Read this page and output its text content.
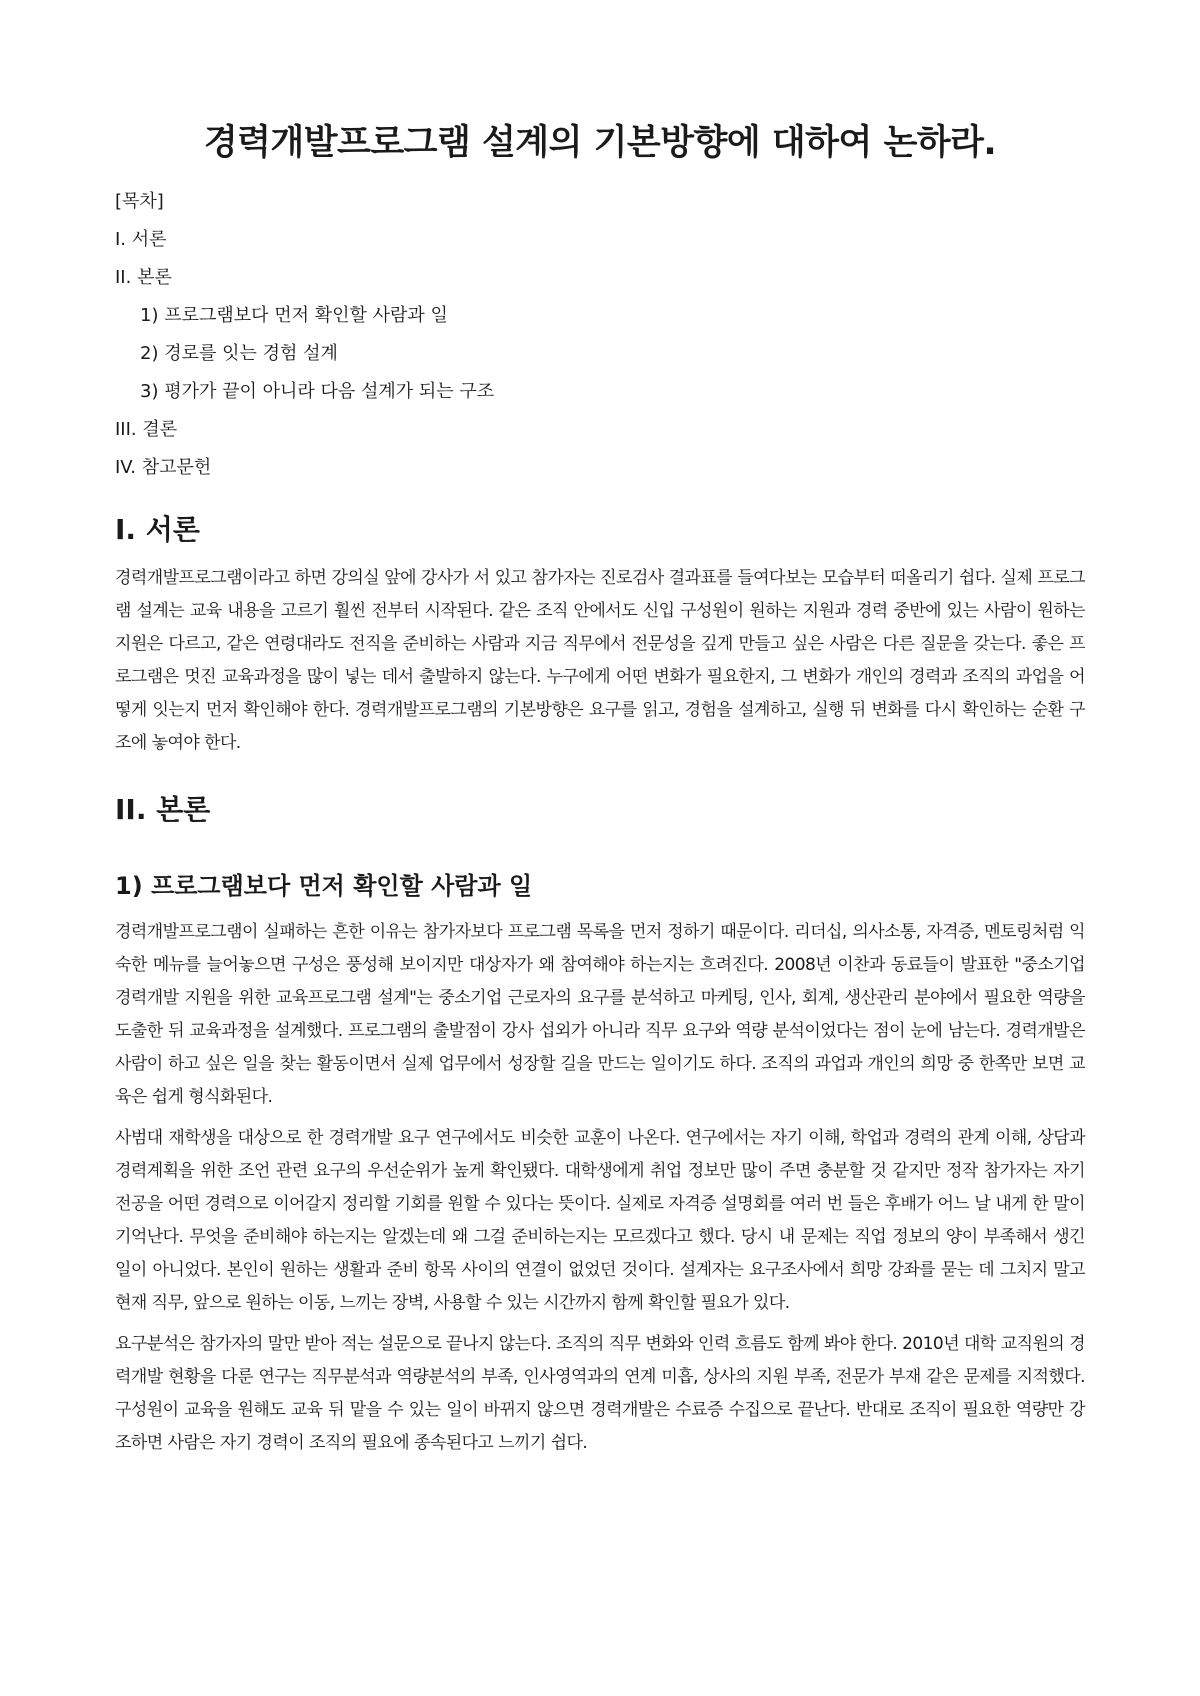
경력개발프로그램 설계의 기본방향에 대하여 논하라.
[목차]
I. 서론
II. 본론
1) 프로그램보다 먼저 확인할 사람과 일
2) 경로를 잇는 경험 설계
3) 평가가 끝이 아니라 다음 설계가 되는 구조
III. 결론
IV. 참고문헌
I. 서론

경력개발프로그램이라고 하면 강의실 앞에 강사가 서 있고 참가자는 진로검사 결과표를 들여다보는 모습부터 떠올리기 쉽다. 실제 프로그램 설계는 교육 내용을 고르기 훨씬 전부터 시작된다. 같은 조직 안에서도 신입 구성원이 원하는 지원과 경력 중반에 있는 사람이 원하는 지원은 다르고, 같은 연령대라도 전직을 준비하는 사람과 지금 직무에서 전문성을 깊게 만들고 싶은 사람은 다른 질문을 갖는다. 좋은 프로그램은 멋진 교육과정을 많이 넣는 데서 출발하지 않는다. 누구에게 어떤 변화가 필요한지, 그 변화가 개인의 경력과 조직의 과업을 어떻게 잇는지 먼저 확인해야 한다. 경력개발프로그램의 기본방향은 요구를 읽고, 경험을 설계하고, 실행 뒤 변화를 다시 확인하는 순환 구조에 놓여야 한다.

II. 본론
1) 프로그램보다 먼저 확인할 사람과 일

경력개발프로그램이 실패하는 흔한 이유는 참가자보다 프로그램 목록을 먼저 정하기 때문이다. 리더십, 의사소통, 자격증, 멘토링처럼 익숙한 메뉴를 늘어놓으면 구성은 풍성해 보이지만 대상자가 왜 참여해야 하는지는 흐려진다. 2008년 이찬과 동료들이 발표한 "중소기업 경력개발 지원을 위한 교육프로그램 설계"는 중소기업 근로자의 요구를 분석하고 마케팅, 인사, 회계, 생산관리 분야에서 필요한 역량을 도출한 뒤 교육과정을 설계했다. 프로그램의 출발점이 강사 섭외가 아니라 직무 요구와 역량 분석이었다는 점이 눈에 남는다. 경력개발은 사람이 하고 싶은 일을 찾는 활동이면서 실제 업무에서 성장할 길을 만드는 일이기도 하다. 조직의 과업과 개인의 희망 중 한쪽만 보면 교육은 쉽게 형식화된다.

사범대 재학생을 대상으로 한 경력개발 요구 연구에서도 비슷한 교훈이 나온다. 연구에서는 자기 이해, 학업과 경력의 관계 이해, 상담과 경력계획을 위한 조언 관련 요구의 우선순위가 높게 확인됐다. 대학생에게 취업 정보만 많이 주면 충분할 것 같지만 정작 참가자는 자기 전공을 어떤 경력으로 이어갈지 정리할 기회를 원할 수 있다는 뜻이다. 실제로 자격증 설명회를 여러 번 들은 후배가 어느 날 내게 한 말이 기억난다. 무엇을 준비해야 하는지는 알겠는데 왜 그걸 준비하는지는 모르겠다고 했다. 당시 내 문제는 직업 정보의 양이 부족해서 생긴 일이 아니었다. 본인이 원하는 생활과 준비 항목 사이의 연결이 없었던 것이다. 설계자는 요구조사에서 희망 강좌를 묻는 데 그치지 말고 현재 직무, 앞으로 원하는 이동, 느끼는 장벽, 사용할 수 있는 시간까지 함께 확인할 필요가 있다.

요구분석은 참가자의 말만 받아 적는 설문으로 끝나지 않는다. 조직의 직무 변화와 인력 흐름도 함께 봐야 한다. 2010년 대학 교직원의 경력개발 현황을 다룬 연구는 직무분석과 역량분석의 부족, 인사영역과의 연계 미흡, 상사의 지원 부족, 전문가 부재 같은 문제를 지적했다. 구성원이 교육을 원해도 교육 뒤 맡을 수 있는 일이 바뀌지 않으면 경력개발은 수료증 수집으로 끝난다. 반대로 조직이 필요한 역량만 강조하면 사람은 자기 경력이 조직의 필요에 종속된다고 느끼기 쉽다.
